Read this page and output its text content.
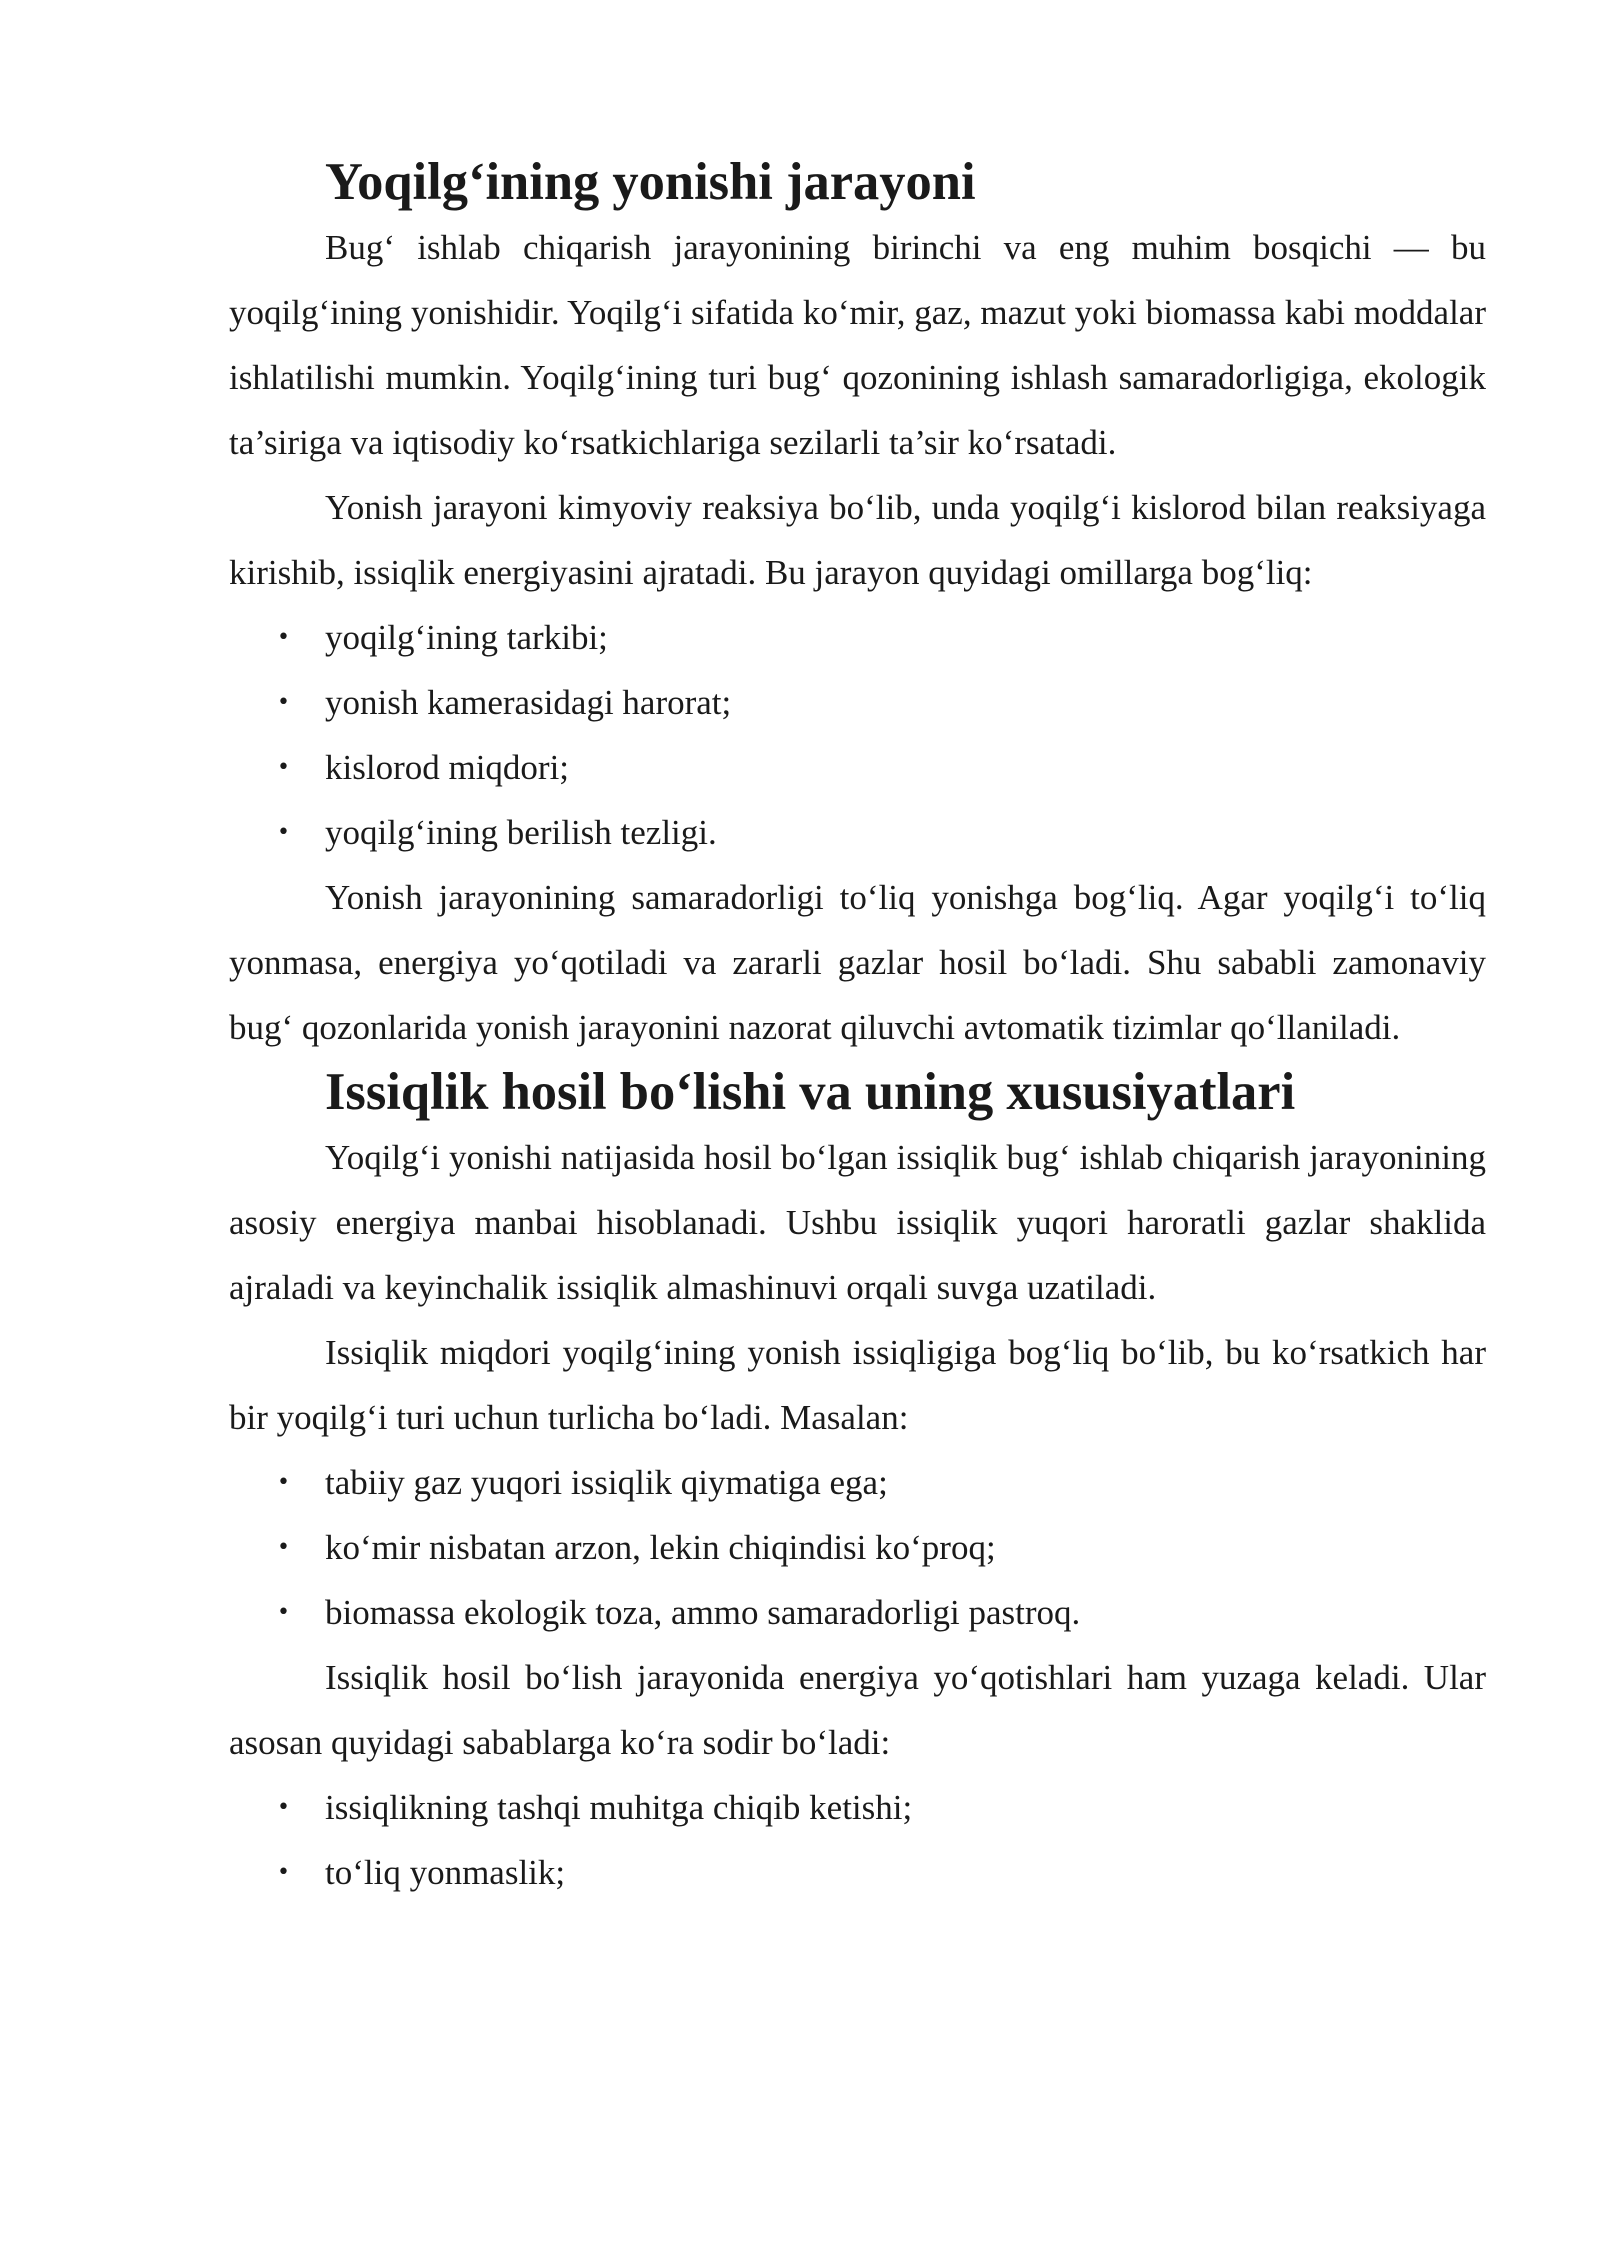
Yoqilg‘ining yonishi jarayoni

Bug‘ ishlab chiqarish jarayonining birinchi va eng muhim bosqichi — bu yoqilg‘ining yonishidir. Yoqilg‘i sifatida ko‘mir, gaz, mazut yoki biomassa kabi moddalar ishlatilishi mumkin. Yoqilg‘ining turi bug‘ qozonining ishlash samaradorligiga, ekologik ta’siriga va iqtisodiy ko‘rsatkichlariga sezilarli ta’sir ko‘rsatadi.

Yonish jarayoni kimyoviy reaksiya bo‘lib, unda yoqilg‘i kislorod bilan reaksiyaga kirishib, issiqlik energiyasini ajratadi. Bu jarayon quyidagi omillarga bog‘liq:

• yoqilg‘ining tarkibi;
• yonish kamerasidagi harorat;
• kislorod miqdori;
• yoqilg‘ining berilish tezligi.

Yonish jarayonining samaradorligi to‘liq yonishga bog‘liq. Agar yoqilg‘i to‘liq yonmasa, energiya yo‘qotiladi va zararli gazlar hosil bo‘ladi. Shu sababli zamonaviy bug‘ qozonlarida yonish jarayonini nazorat qiluvchi avtomatik tizimlar qo‘llaniladi.

Issiqlik hosil bo‘lishi va uning xususiyatlari

Yoqilg‘i yonishi natijasida hosil bo‘lgan issiqlik bug‘ ishlab chiqarish jarayonining asosiy energiya manbai hisoblanadi. Ushbu issiqlik yuqori haroratli gazlar shaklida ajraladi va keyinchalik issiqlik almashinuvi orqali suvga uzatiladi.

Issiqlik miqdori yoqilg‘ining yonish issiqligiga bog‘liq bo‘lib, bu ko‘rsatkich har bir yoqilg‘i turi uchun turlicha bo‘ladi. Masalan:

• tabiiy gaz yuqori issiqlik qiymatiga ega;
• ko‘mir nisbatan arzon, lekin chiqindisi ko‘proq;
• biomassa ekologik toza, ammo samaradorligi pastroq.

Issiqlik hosil bo‘lish jarayonida energiya yo‘qotishlari ham yuzaga keladi. Ular asosan quyidagi sabablarga ko‘ra sodir bo‘ladi:

• issiqlikning tashqi muhitga chiqib ketishi;
• to‘liq yonmaslik;
